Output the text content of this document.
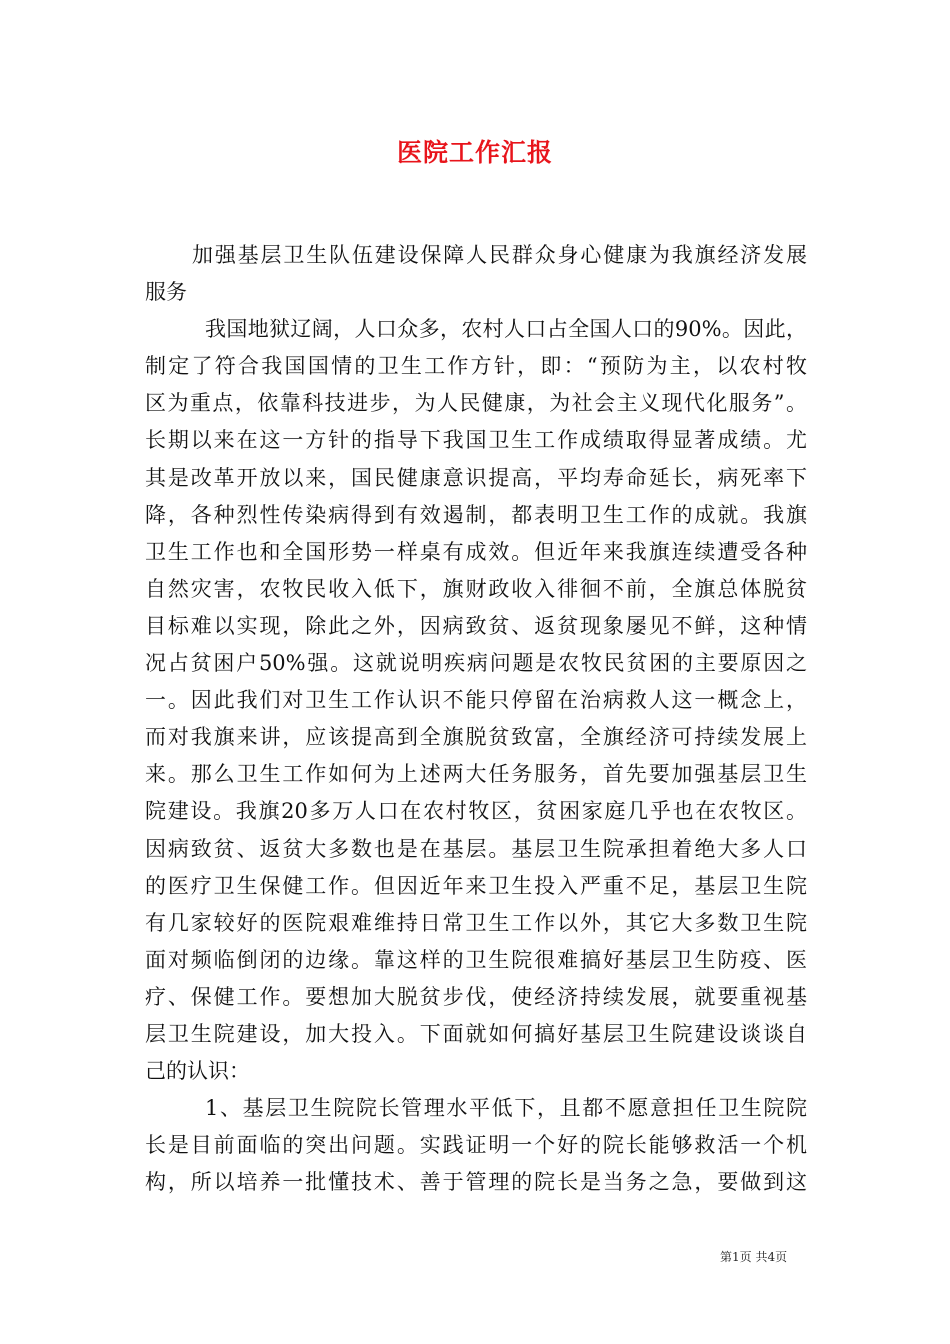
医院工作汇报
加强基层卫生队伍建设保障人民群众身心健康为我旗经济发展
服务
我国地狱辽阔，人口众多，农村人口占全国人口的90%。因此，
制定了符合我国国情的卫生工作方针，即：“预防为主，以农村牧
区为重点，依靠科技进步，为人民健康，为社会主义现代化服务”。
长期以来在这一方针的指导下我国卫生工作成绩取得显著成绩。尤
其是改革开放以来，国民健康意识提高，平均寿命延长，病死率下
降，各种烈性传染病得到有效遏制，都表明卫生工作的成就。我旗
卫生工作也和全国形势一样桌有成效。但近年来我旗连续遭受各种
自然灾害，农牧民收入低下，旗财政收入徘徊不前，全旗总体脱贫
目标难以实现，除此之外，因病致贫、返贫现象屡见不鲜，这种情
况占贫困户50%强。这就说明疾病问题是农牧民贫困的主要原因之
一。因此我们对卫生工作认识不能只停留在治病救人这一概念上，
而对我旗来讲，应该提高到全旗脱贫致富，全旗经济可持续发展上
来。那么卫生工作如何为上述两大任务服务，首先要加强基层卫生
院建设。我旗20多万人口在农村牧区，贫困家庭几乎也在农牧区。
因病致贫、返贫大多数也是在基层。基层卫生院承担着绝大多人口
的医疗卫生保健工作。但因近年来卫生投入严重不足，基层卫生院
有几家较好的医院艰难维持日常卫生工作以外，其它大多数卫生院
面对频临倒闭的边缘。靠这样的卫生院很难搞好基层卫生防疫、医
疗、保健工作。要想加大脱贫步伐，使经济持续发展，就要重视基
层卫生院建设，加大投入。下面就如何搞好基层卫生院建设谈谈自
己的认识：
1、基层卫生院院长管理水平低下，且都不愿意担任卫生院院
长是目前面临的突出问题。实践证明一个好的院长能够救活一个机
构，所以培养一批懂技术、善于管理的院长是当务之急，要做到这
第1页 共4页
